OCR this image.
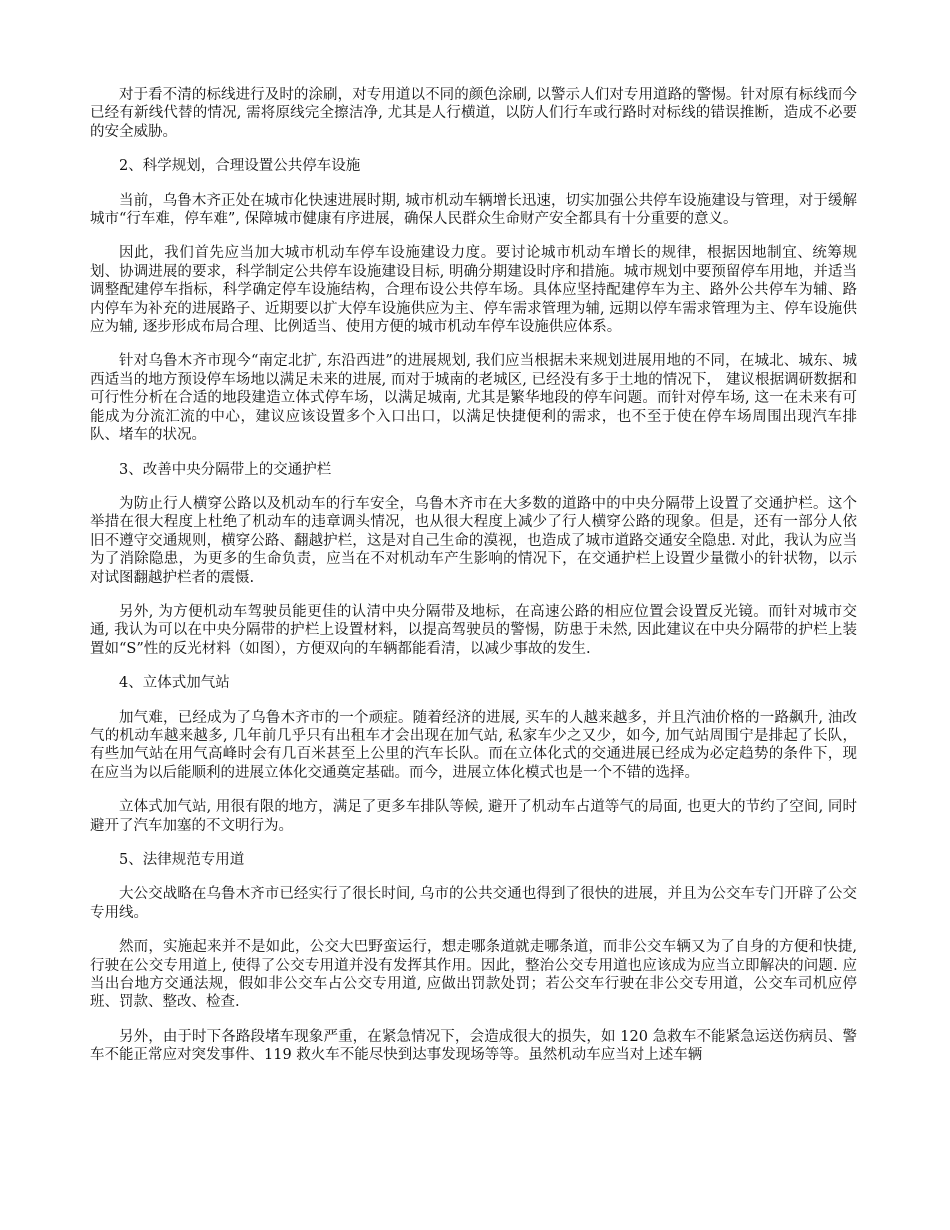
对于看不清的标线进行及时的涂刷，对专用道以不同的颜色涂刷, 以警示人们对专用道路的警惕。针对原有标线而今已经有新线代替的情况, 需将原线完全擦洁净, 尤其是人行横道，以防人们行车或行路时对标线的错误推断，造成不必要的安全威胁。

2、科学规划，合理设置公共停车设施

当前，乌鲁木齐正处在城市化快速进展时期, 城市机动车辆增长迅速，切实加强公共停车设施建设与管理，对于缓解城市“行车难，停车难”, 保障城市健康有序进展，确保人民群众生命财产安全都具有十分重要的意义。

因此，我们首先应当加大城市机动车停车设施建设力度。要讨论城市机动车增长的规律，根据因地制宜、统筹规划、协调进展的要求，科学制定公共停车设施建设目标, 明确分期建设时序和措施。城市规划中要预留停车用地，并适当调整配建停车指标，科学确定停车设施结构，合理布设公共停车场。具体应坚持配建停车为主、路外公共停车为辅、路内停车为补充的进展路子、近期要以扩大停车设施供应为主、停车需求管理为辅, 远期以停车需求管理为主、停车设施供应为辅, 逐步形成布局合理、比例适当、使用方便的城市机动车停车设施供应体系。

针对乌鲁木齐市现今“南定北扩, 东沿西进”的进展规划, 我们应当根据未来规划进展用地的不同，在城北、城东、城西适当的地方预设停车场地以满足未来的进展, 而对于城南的老城区, 已经没有多于土地的情况下， 建议根据调研数据和可行性分析在合适的地段建造立体式停车场，以满足城南, 尤其是繁华地段的停车问题。而针对停车场, 这一在未来有可能成为分流汇流的中心，建议应该设置多个入口出口，以满足快捷便利的需求，也不至于使在停车场周围出现汽车排队、堵车的状况。

3、改善中央分隔带上的交通护栏

为防止行人横穿公路以及机动车的行车安全，乌鲁木齐市在大多数的道路中的中央分隔带上设置了交通护栏。这个举措在很大程度上杜绝了机动车的违章调头情况，也从很大程度上减少了行人横穿公路的现象。但是，还有一部分人依旧不遵守交通规则，横穿公路、翻越护栏，这是对自己生命的漠视，也造成了城市道路交通安全隐患. 对此，我认为应当为了消除隐患，为更多的生命负责，应当在不对机动车产生影响的情况下，在交通护栏上设置少量微小的针状物，以示对试图翻越护栏者的震慑.

另外, 为方便机动车驾驶员能更佳的认清中央分隔带及地标，在高速公路的相应位置会设置反光镜。而针对城市交通, 我认为可以在中央分隔带的护栏上设置材料，以提高驾驶员的警惕，防患于未然, 因此建议在中央分隔带的护栏上装置如“S”性的反光材料（如图），方便双向的车辆都能看清，以减少事故的发生.

4、立体式加气站

加气难，已经成为了乌鲁木齐市的一个顽症。随着经济的进展, 买车的人越来越多，并且汽油价格的一路飙升, 油改气的机动车越来越多, 几年前几乎只有出租车才会出现在加气站, 私家车少之又少，如今, 加气站周围宁是排起了长队，有些加气站在用气高峰时会有几百米甚至上公里的汽车长队。而在立体化式的交通进展已经成为必定趋势的条件下，现在应当为以后能顺利的进展立体化交通奠定基础。而今，进展立体化模式也是一个不错的选择。

立体式加气站, 用很有限的地方，满足了更多车排队等候, 避开了机动车占道等气的局面, 也更大的节约了空间, 同时避开了汽车加塞的不文明行为。

5、法律规范专用道

大公交战略在乌鲁木齐市已经实行了很长时间, 乌市的公共交通也得到了很快的进展，并且为公交车专门开辟了公交专用线。

然而，实施起来并不是如此，公交大巴野蛮运行，想走哪条道就走哪条道，而非公交车辆又为了自身的方便和快捷, 行驶在公交专用道上, 使得了公交专用道并没有发挥其作用。因此，整治公交专用道也应该成为应当立即解决的问题. 应当出台地方交通法规，假如非公交车占公交专用道, 应做出罚款处罚；若公交车行驶在非公交专用道，公交车司机应停班、罚款、整改、检查.

另外，由于时下各路段堵车现象严重，在紧急情况下，会造成很大的损失，如 120 急救车不能紧急运送伤病员、警车不能正常应对突发事件、119 救火车不能尽快到达事发现场等等。虽然机动车应当对上述车辆
